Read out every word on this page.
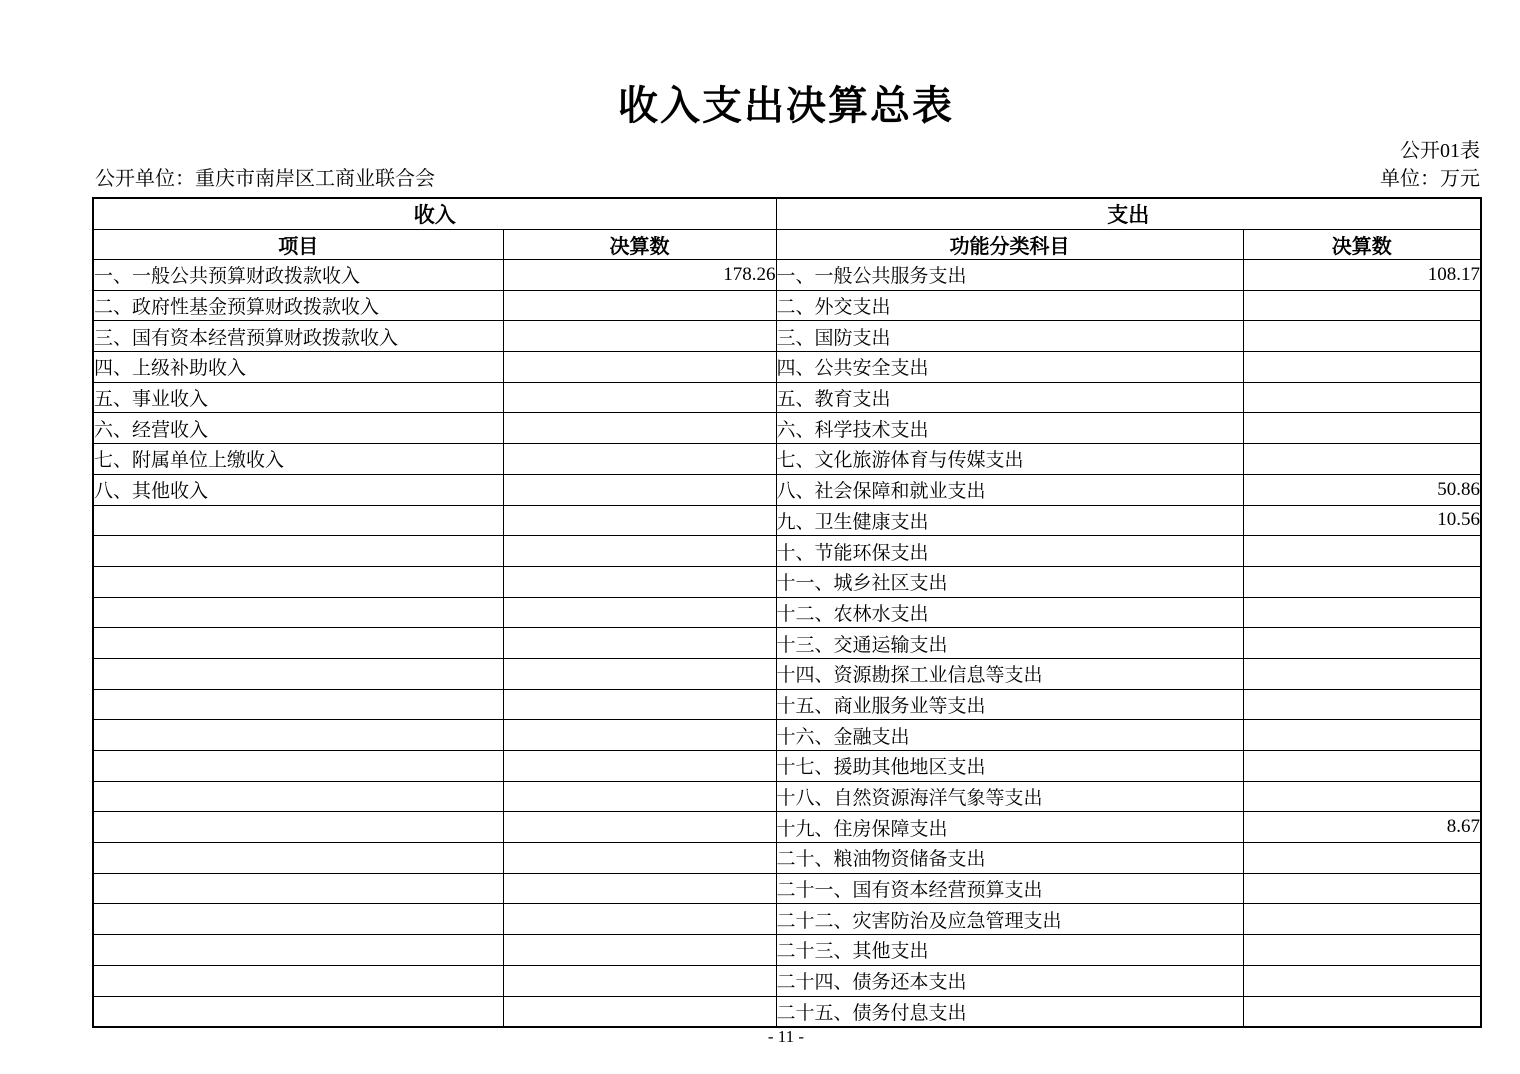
收入支出决算总表
公开01表
公开单位：重庆市南岸区工商业联合会	单位：万元
收入		支出	
项目	决算数	功能分类科目	决算数
一、一般公共预算财政拨款收入	178.26	一、一般公共服务支出	108.17
二、政府性基金预算财政拨款收入		二、外交支出	
三、国有资本经营预算财政拨款收入		三、国防支出	
四、上级补助收入		四、公共安全支出	
五、事业收入		五、教育支出	
六、经营收入		六、科学技术支出	
七、附属单位上缴收入		七、文化旅游体育与传媒支出	
八、其他收入		八、社会保障和就业支出	50.86
		九、卫生健康支出	10.56
		十、节能环保支出	
		十一、城乡社区支出	
		十二、农林水支出	
		十三、交通运输支出	
		十四、资源勘探工业信息等支出	
		十五、商业服务业等支出	
		十六、金融支出	
		十七、援助其他地区支出	
		十八、自然资源海洋气象等支出	
		十九、住房保障支出	8.67
		二十、粮油物资储备支出	
		二十一、国有资本经营预算支出	
		二十二、灾害防治及应急管理支出	
		二十三、其他支出	
		二十四、债务还本支出	
		二十五、债务付息支出	
- 11 -
